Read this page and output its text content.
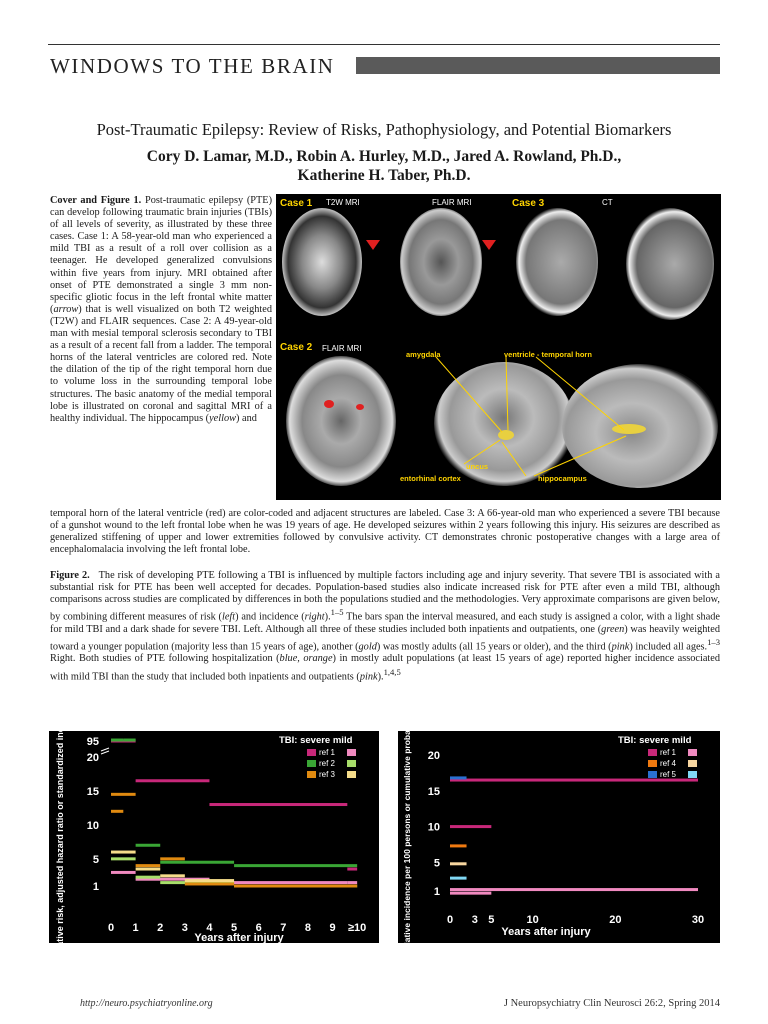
WINDOWS TO THE BRAIN
Post-Traumatic Epilepsy: Review of Risks, Pathophysiology, and Potential Biomarkers
Cory D. Lamar, M.D., Robin A. Hurley, M.D., Jared A. Rowland, Ph.D.,
Katherine H. Taber, Ph.D.
Cover and Figure 1. Post-traumatic epilepsy (PTE) can develop following traumatic brain injuries (TBIs) of all levels of severity, as illustrated by these three cases. Case 1: A 58-year-old man who experienced a mild TBI as a result of a roll over collision as a teenager. He developed generalized convulsions within five years from injury. MRI obtained after onset of PTE demonstrated a single 3 mm non-specific gliotic focus in the left frontal white matter (arrow) that is well visualized on both T2 weighted (T2W) and FLAIR sequences. Case 2: A 49-year-old man with mesial temporal sclerosis secondary to TBI as a result of a recent fall from a ladder. The temporal horns of the lateral ventricles are colored red. Note the dilation of the tip of the right temporal horn due to volume loss in the surrounding temporal lobe structures. The basic anatomy of the medial temporal lobe is illustrated on coronal and sagittal MRI of a healthy individual. The hippocampus (yellow) and
temporal horn of the lateral ventricle (red) are color-coded and adjacent structures are labeled. Case 3: A 66-year-old man who experienced a severe TBI because of a gunshot wound to the left frontal lobe when he was 19 years of age. He developed seizures within 2 years following this injury. His seizures are described as generalized stiffening of upper and lower extremities followed by convulsive activity. CT demonstrates chronic postoperative changes with a large area of encephalomalacia involving the left frontal lobe.
Case 1 T2W MRI	FLAIR MRI	Case 3	CT
Case 2 FLAIR MRI
amygdala	ventricle - temporal horn
uncus
entorhinal cortex	hippocampus
Figure 2. The risk of developing PTE following a TBI is influenced by multiple factors including age and injury severity. That severe TBI is associated with a substantial risk for PTE has been well accepted for decades. Population-based studies also indicate increased risk for PTE after even a mild TBI, although comparisons across studies are complicated by differences in both the populations studied and the methodologies. Very approximate comparisons are given below, by combining different measures of risk (left) and incidence (right).$^{1-5}$ The bars span the interval measured, and each study is assigned a color, with a light shade for mild TBI and a dark shade for severe TBI. Left. Although all three of these studies included both inpatients and outpatients, one (green) was heavily weighted toward a younger population (majority less than 15 years of age), another (gold) was mostly adults (all 15 years or older), and the third (pink) included all ages.$^{1-3}$ Right. Both studies of PTE following hospitalization (blue, orange) in mostly adult populations (at least 15 years of age) reported higher incidence associated with mild TBI than the study that included both inpatients and outpatients (pink).$^{1,4,5}$
adjusted relative risk, adjusted hazard ratio or standardized incidence ratio	1
5
10
15
20
95
0 1 2 3 4 5 6 7 8 9 ≥10
Years after injury
TBI: severe mild
ref 1
ref 2
ref 3	cumulative incidence per 100 persons or cumulative probability (%) 1
5
10
15
20
0 3 5	10	20	30
Years after injury
TBI: severe mild
ref 1
ref 4
ref 5
http://neuro.psychiatryonline.org	J Neuropsychiatry Clin Neurosci 26:2, Spring 2014
